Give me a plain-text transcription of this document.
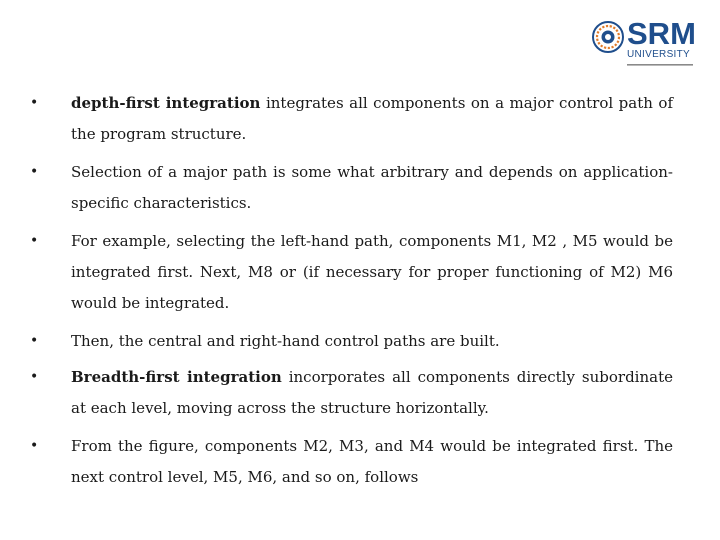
SRM
UNIVERSITY
• depth-first integration integrates all components on a major control path of the program structure.
• Selection of a major path is some what arbitrary and depends on application-specific characteristics.
• For example, selecting the left-hand path, components M1, M2 , M5 would be integrated first. Next, M8 or (if necessary for proper functioning of M2) M6 would be integrated.
• Then, the central and right-hand control paths are built.
• Breadth-first integration incorporates all components directly subordinate at each level, moving across the structure horizontally.
• From the figure, components M2, M3, and M4 would be integrated first. The next control level, M5, M6, and so on, follows
